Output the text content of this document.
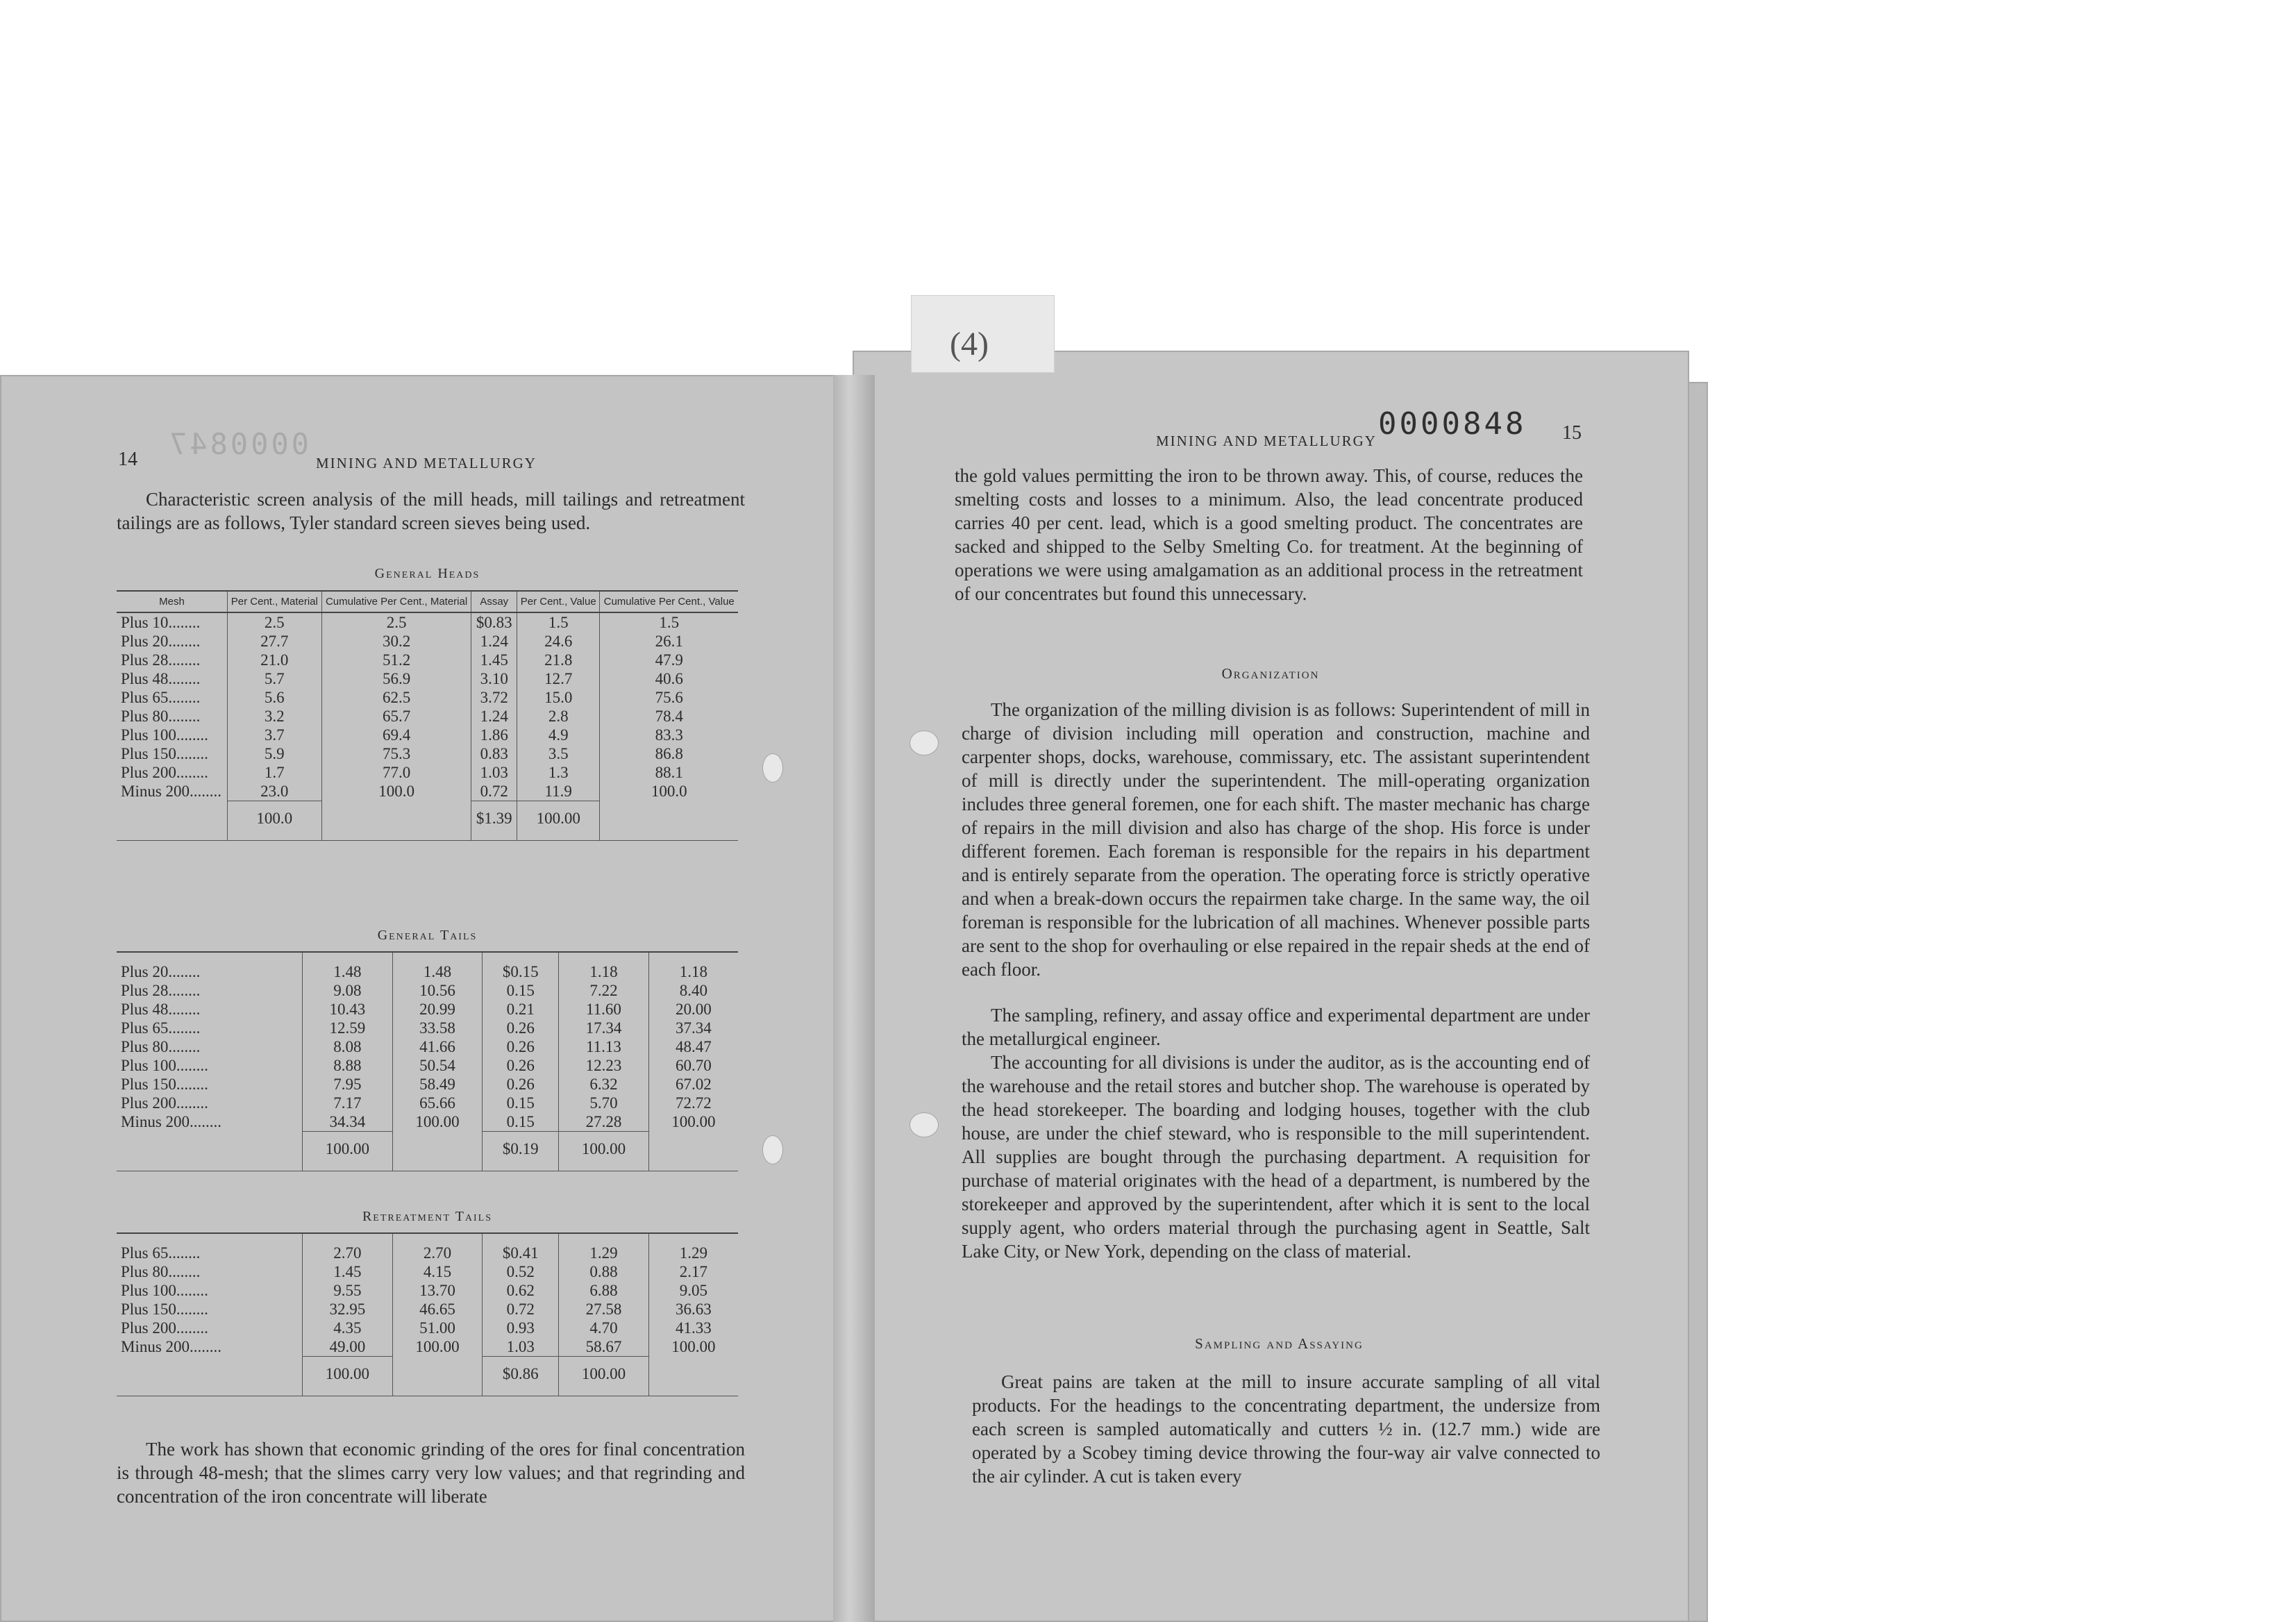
(4)
0000847
14	MINING AND METALLURGY

Characteristic screen analysis of the mill heads, mill tailings and retreatment tailings are as follows, Tyler standard screen sieves being used.

General Heads
Mesh	Per Cent., Material	Cumulative Per Cent., Material	Assay	Per Cent., Value	Cumulative Per Cent., Value
Plus 10........	2.5	2.5	$0.83	1.5	1.5
Plus 20........	27.7	30.2	1.24	24.6	26.1
Plus 28........	21.0	51.2	1.45	21.8	47.9
Plus 48........	5.7	56.9	3.10	12.7	40.6
Plus 65........	5.6	62.5	3.72	15.0	75.6
Plus 80........	3.2	65.7	1.24	2.8	78.4
Plus 100........	3.7	69.4	1.86	4.9	83.3
Plus 150........	5.9	75.3	0.83	3.5	86.8
Plus 200........	1.7	77.0	1.03	1.3	88.1
Minus 200........	23.0	100.0	0.72	11.9	100.0
	100.0		$1.39	100.00	

General Tails

Plus 20........	1.48	1.48	$0.15	1.18	1.18
Plus 28........	9.08	10.56	0.15	7.22	8.40
Plus 48........	10.43	20.99	0.21	11.60	20.00
Plus 65........	12.59	33.58	0.26	17.34	37.34
Plus 80........	8.08	41.66	0.26	11.13	48.47
Plus 100........	8.88	50.54	0.26	12.23	60.70
Plus 150........	7.95	58.49	0.26	6.32	67.02
Plus 200........	7.17	65.66	0.15	5.70	72.72
Minus 200........	34.34	100.00	0.15	27.28	100.00
	100.00		$0.19	100.00	

Retreatment Tails

Plus 65........	2.70	2.70	$0.41	1.29	1.29
Plus 80........	1.45	4.15	0.52	0.88	2.17
Plus 100........	9.55	13.70	0.62	6.88	9.05
Plus 150........	32.95	46.65	0.72	27.58	36.63
Plus 200........	4.35	51.00	0.93	4.70	41.33
Minus 200........	49.00	100.00	1.03	58.67	100.00
	100.00		$0.86	100.00	

The work has shown that economic grinding of the ores for final concentration is through 48-mesh; that the slimes carry very low values; and that regrinding and concentration of the iron concentrate will liberate

0000848
MINING AND METALLURGY	15

the gold values permitting the iron to be thrown away. This, of course, reduces the smelting costs and losses to a minimum. Also, the lead concentrate produced carries 40 per cent. lead, which is a good smelting product. The concentrates are sacked and shipped to the Selby Smelting Co. for treatment. At the beginning of operations we were using amalgamation as an additional process in the retreatment of our concentrates but found this unnecessary.

Organization

The organization of the milling division is as follows: Superintendent of mill in charge of division including mill operation and construction, machine and carpenter shops, docks, warehouse, commissary, etc. The assistant superintendent of mill is directly under the superintendent. The mill-operating organization includes three general foremen, one for each shift. The master mechanic has charge of repairs in the mill division and also has charge of the shop. His force is under different foremen. Each foreman is responsible for the repairs in his department and is entirely separate from the operation. The operating force is strictly operative and when a break-down occurs the repairmen take charge. In the same way, the oil foreman is responsible for the lubrication of all machines. Whenever possible parts are sent to the shop for overhauling or else repaired in the repair sheds at the end of each floor.

The sampling, refinery, and assay office and experimental department are under the metallurgical engineer.

The accounting for all divisions is under the auditor, as is the accounting end of the warehouse and the retail stores and butcher shop. The warehouse is operated by the head storekeeper. The boarding and lodging houses, together with the club house, are under the chief steward, who is responsible to the mill superintendent. All supplies are bought through the purchasing department. A requisition for purchase of material originates with the head of a department, is numbered by the storekeeper and approved by the superintendent, after which it is sent to the local supply agent, who orders material through the purchasing agent in Seattle, Salt Lake City, or New York, depending on the class of material.

Sampling and Assaying

Great pains are taken at the mill to insure accurate sampling of all vital products. For the headings to the concentrating department, the undersize from each screen is sampled automatically and cutters ½ in. (12.7 mm.) wide are operated by a Scobey timing device throwing the four-way air valve connected to the air cylinder. A cut is taken every
